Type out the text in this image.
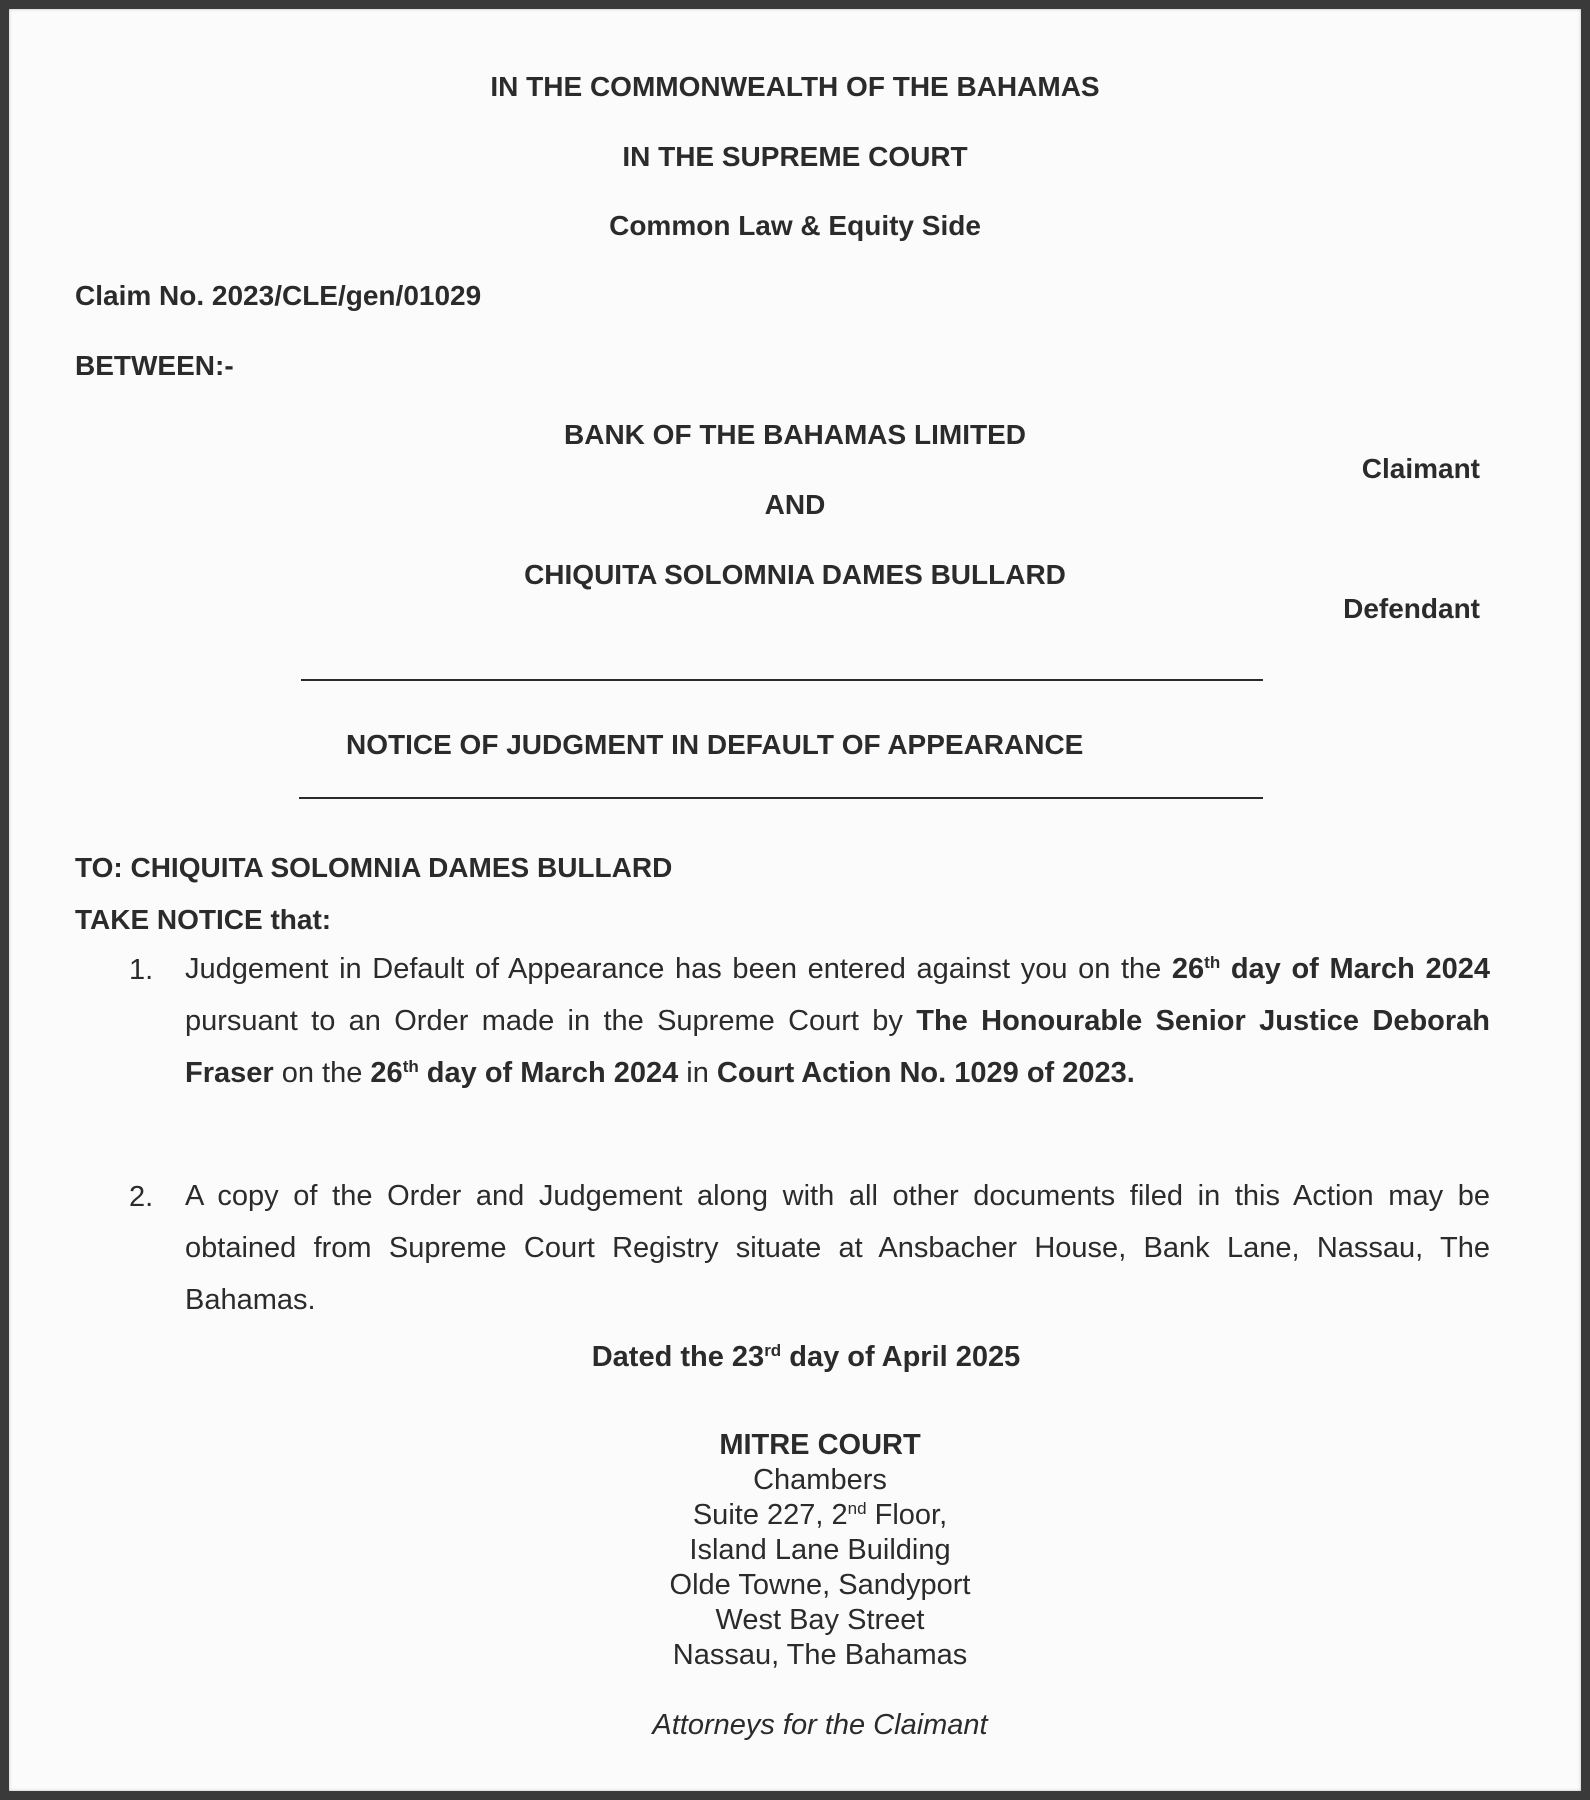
IN THE COMMONWEALTH OF THE BAHAMAS
IN THE SUPREME COURT
Common Law & Equity Side
Claim No. 2023/CLE/gen/01029
BETWEEN:-
BANK OF THE BAHAMAS LIMITED
Claimant
AND
CHIQUITA SOLOMNIA DAMES BULLARD
Defendant
NOTICE OF JUDGMENT IN DEFAULT OF APPEARANCE
TO: CHIQUITA SOLOMNIA DAMES BULLARD
TAKE NOTICE that:
1. Judgement in Default of Appearance has been entered against you on the 26th day of March 2024 pursuant to an Order made in the Supreme Court by The Honourable Senior Justice Deborah Fraser on the 26th day of March 2024 in Court Action No. 1029 of 2023.
2. A copy of the Order and Judgement along with all other documents filed in this Action may be obtained from Supreme Court Registry situate at Ansbacher House, Bank Lane, Nassau, The Bahamas.
Dated the 23rd day of April 2025
MITRE COURT
Chambers
Suite 227, 2nd Floor,
Island Lane Building
Olde Towne, Sandyport
West Bay Street
Nassau, The Bahamas
Attorneys for the Claimant
